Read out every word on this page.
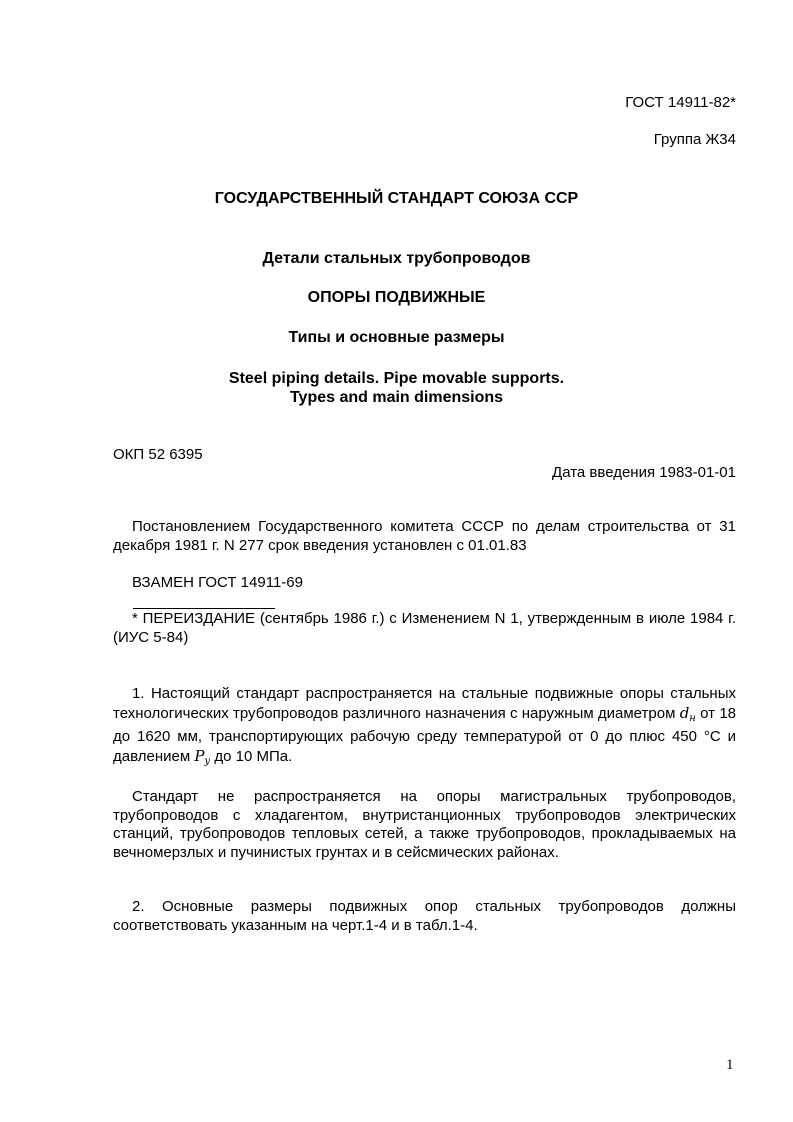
ГОСТ 14911-82*
Группа Ж34
ГОСУДАРСТВЕННЫЙ СТАНДАРТ СОЮЗА ССР
Детали стальных трубопроводов
ОПОРЫ ПОДВИЖНЫЕ
Типы и основные размеры
Steel piping details. Pipe movable supports.
Types and main dimensions
ОКП 52 6395
Дата введения 1983-01-01
Постановлением Государственного комитета СССР по делам строительства от 31 декабря 1981 г. N 277 срок введения установлен с 01.01.83
ВЗАМЕН ГОСТ 14911-69
* ПЕРЕИЗДАНИЕ (сентябрь 1986 г.) с Изменением N 1, утвержденным в июле 1984 г. (ИУС 5-84)
1. Настоящий стандарт распространяется на стальные подвижные опоры стальных технологических трубопроводов различного назначения с наружным диаметром $d_н$ от 18 до 1620 мм, транспортирующих рабочую среду температурой от 0 до плюс 450 °С и давлением $P_у$ до 10 МПа.
Стандарт не распространяется на опоры магистральных трубопроводов, трубопроводов с хладагентом, внутристанционных трубопроводов электрических станций, трубопроводов тепловых сетей, а также трубопроводов, прокладываемых на вечномерзлых и пучинистых грунтах и в сейсмических районах.
2. Основные размеры подвижных опор стальных трубопроводов должны соответствовать указанным на черт.1-4 и в табл.1-4.
1
